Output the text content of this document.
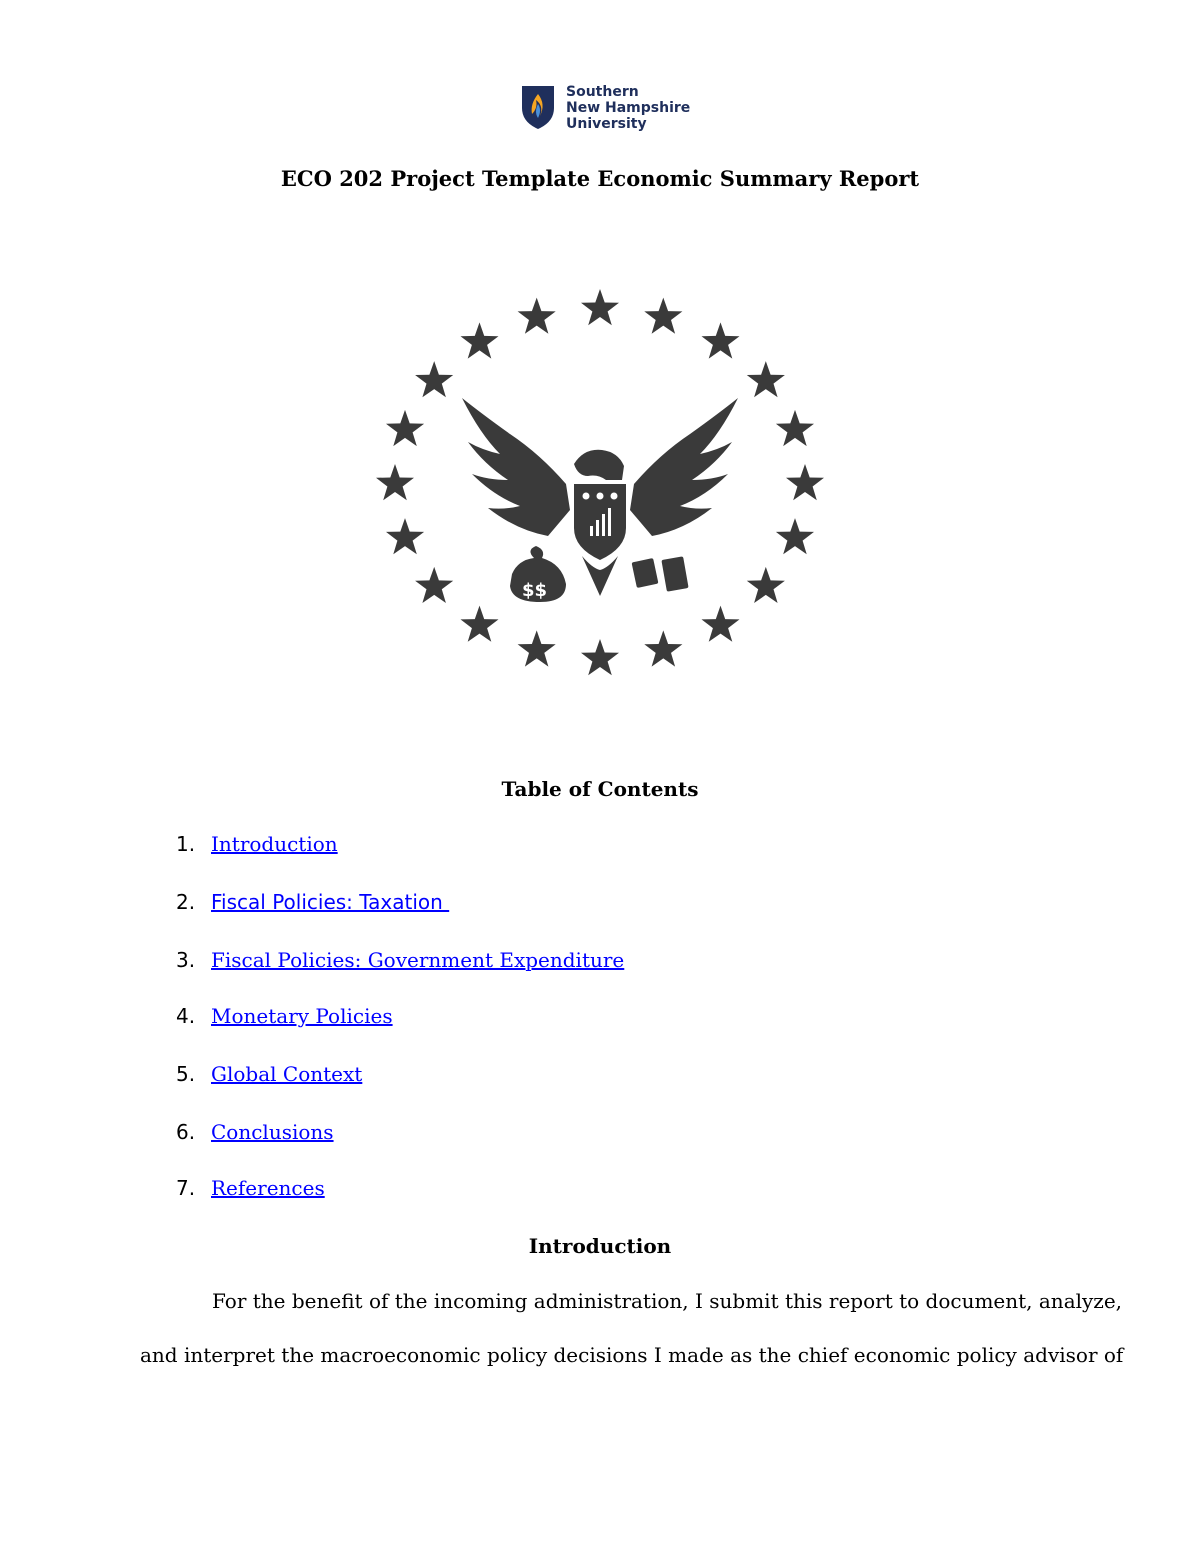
Southern
New Hampshire
University
ECO 202 Project Template Economic Summary Report
$$
Table of Contents
1. Introduction
2. Fiscal Policies: Taxation
3. Fiscal Policies: Government Expenditure
4. Monetary Policies
5. Global Context
6. Conclusions
7. References
Introduction
For the benefit of the incoming administration, I submit this report to document, analyze,
and interpret the macroeconomic policy decisions I made as the chief economic policy advisor of
